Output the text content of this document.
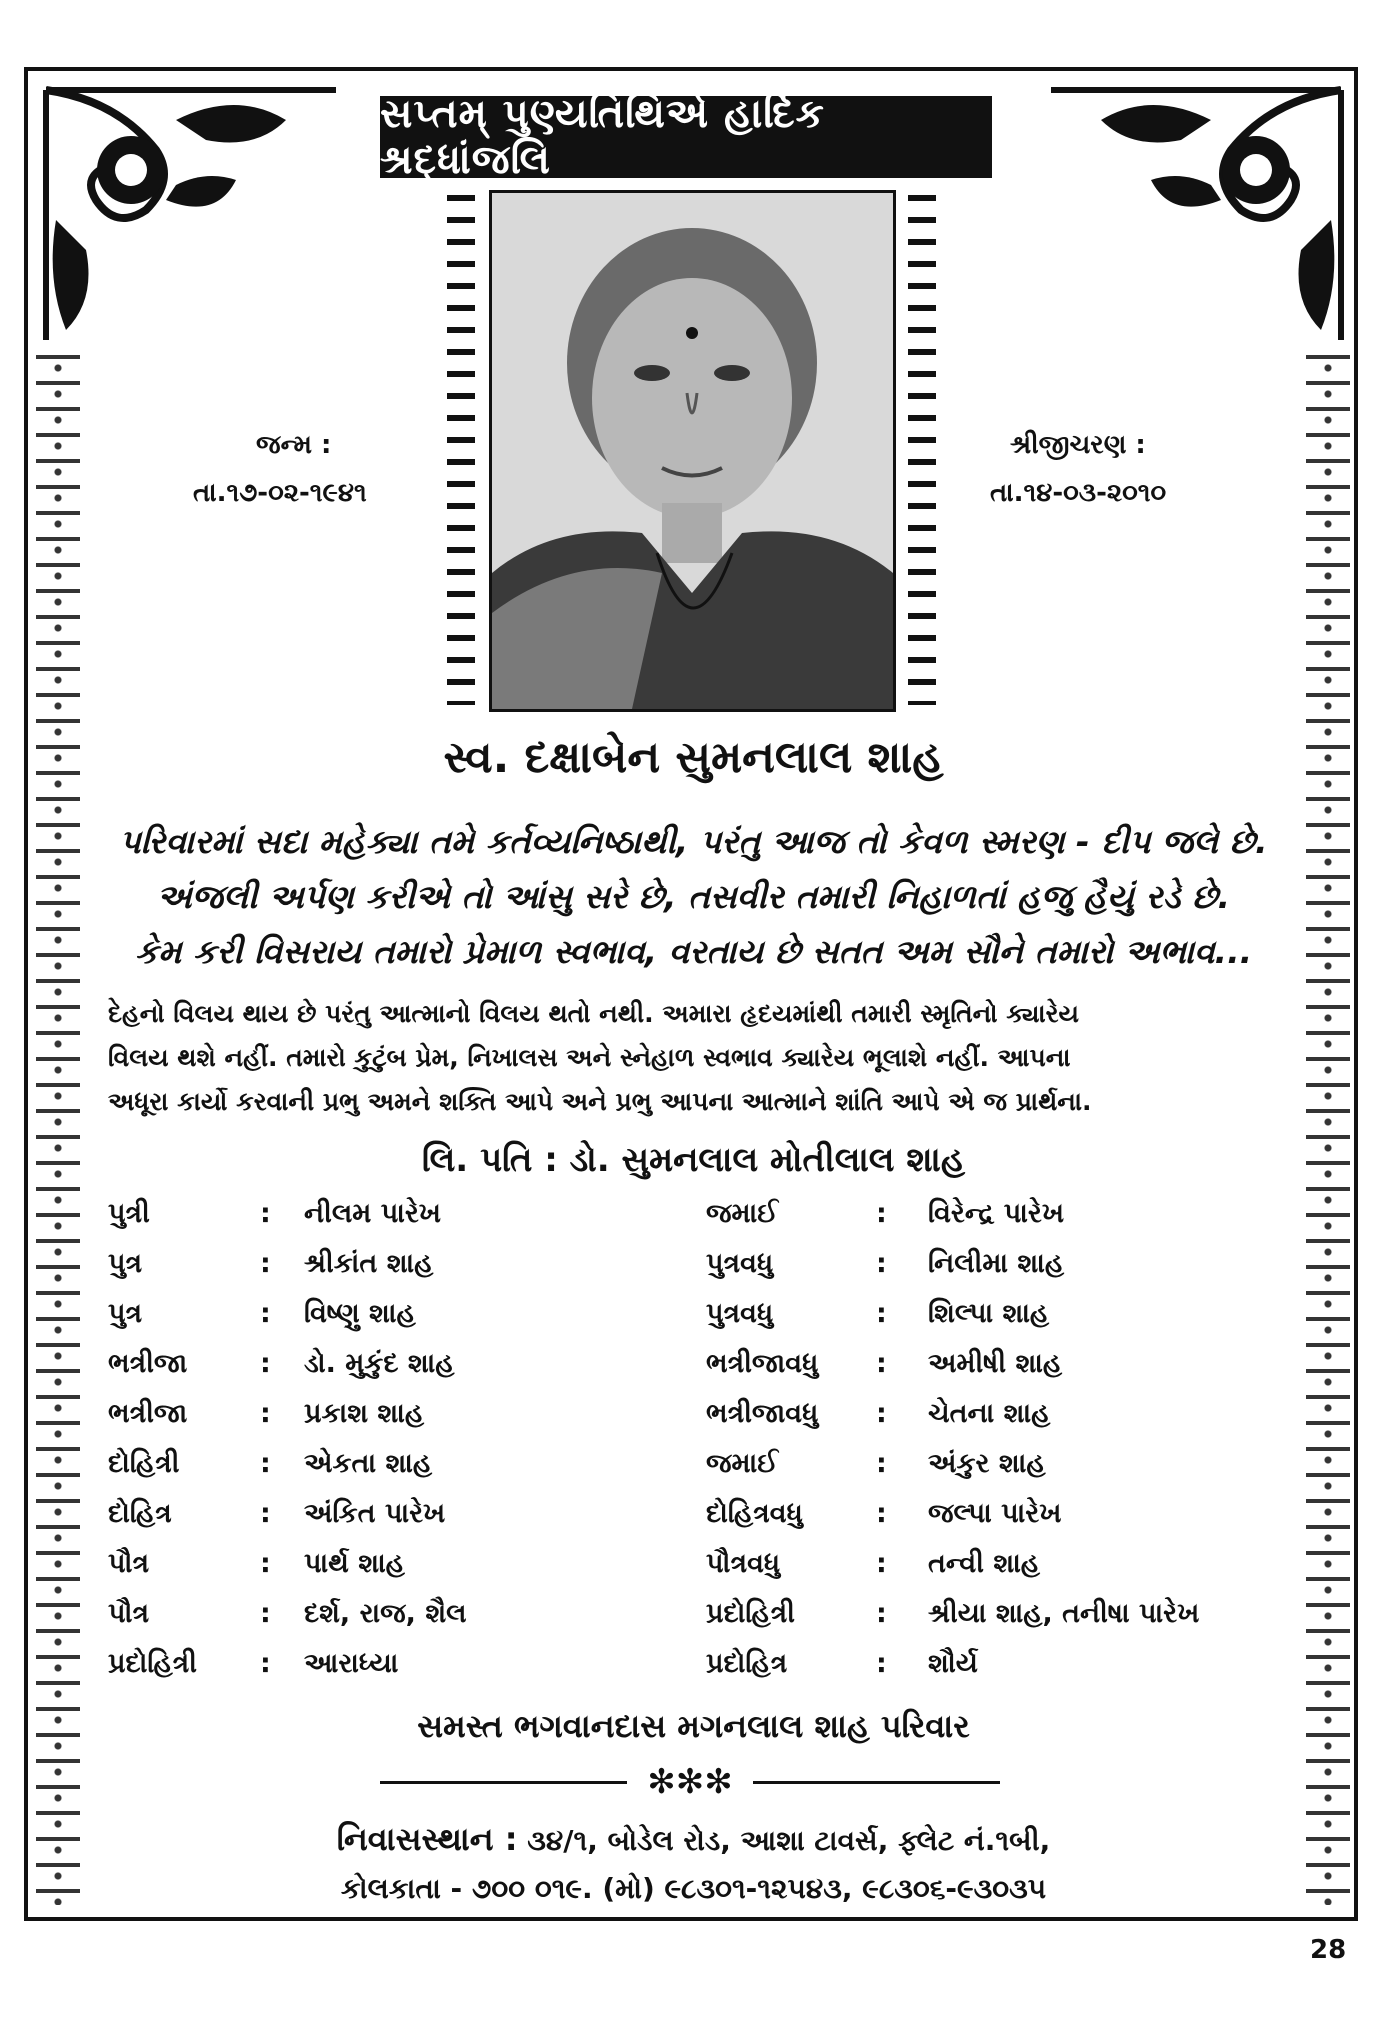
સપ્તમ્ પુણ્યતિથિએ હાર્દિક શ્રદ્ધાંજલિ
જન્મ :
તા.૧૭-૦૨-૧૯૪૧
શ્રીજીચરણ :
તા.૧૪-૦૩-૨૦૧૦
સ્વ. દક્ષાબેન સુમનલાલ શાહ
પરિવારમાં સદા મહેક્યા તમે કર્તવ્યનિષ્ઠાથી, પરંતુ આજ તો કેવળ સ્મરણ - દીપ જલે છે.
અંજલી અર્પણ કરીએ તો આંસુ સરે છે, તસવીર તમારી નિહાળતાં હજુ હૈયું રડે છે.
કેમ કરી વિસરાય તમારો પ્રેમાળ સ્વભાવ, વરતાય છે સતત અમ સૌને તમારો અભાવ...
દેહનો વિલય થાય છે પરંતુ આત્માનો વિલય થતો નથી. અમારા હૃદયમાંથી તમારી સ્મૃતિનો ક્યારેય
વિલય થશે નહીં. તમારો કુટુંબ પ્રેમ, નિખાલસ અને સ્નેહાળ સ્વભાવ ક્યારેય ભૂલાશે નહીં. આપના
અધૂરા કાર્યો કરવાની પ્રભુ અમને શક્તિ આપે અને પ્રભુ આપના આત્માને શાંતિ આપે એ જ પ્રાર્થના.
લિ. પતિ : ડો. સુમનલાલ મોતીલાલ શાહ
પુત્રી	: નીલમ પારેખ	જમાઈ	: વિરેન્દ્ર પારેખ
પુત્ર	: શ્રીકાંત શાહ	પુત્રવધુ	: નિલીમા શાહ
પુત્ર	: વિષ્ણુ શાહ	પુત્રવધુ	: શિલ્પા શાહ
ભત્રીજા	: ડો. મુકુંદ શાહ	ભત્રીજાવધુ : અમીષી શાહ
ભત્રીજા	: પ્રકાશ શાહ	ભત્રીજાવધુ : ચેતના શાહ
દોહિત્રી	: એકતા શાહ	જમાઈ	: અંકુર શાહ
દોહિત્ર	: અંકિત પારેખ	દોહિત્રવધુ	: જલ્પા પારેખ
પૌત્ર	: પાર્થ શાહ	પૌત્રવધુ	: તન્વી શાહ
પૌત્ર	: દર્શ, રાજ, શૈલ	પ્રદોહિત્રી	: શ્રીયા શાહ, તનીષા પારેખ
પ્રદોહિત્રી : આરાધ્યા	પ્રદોહિત્ર	: શૌર્ય
સમસ્ત ભગવાનદાસ મગનલાલ શાહ પરિવાર
✻✻✻
નિવાસસ્થાન : ૩૪/૧, બોડેલ રોડ, આશા ટાવર્સ, ફ્લેટ નં.૧બી,
કોલકાતા - ૭૦૦ ૦૧૯. (મો) ૯૮૩૦૧-૧૨૫૪૩, ૯૮૩૦૬-૯૩૦૩૫
28
